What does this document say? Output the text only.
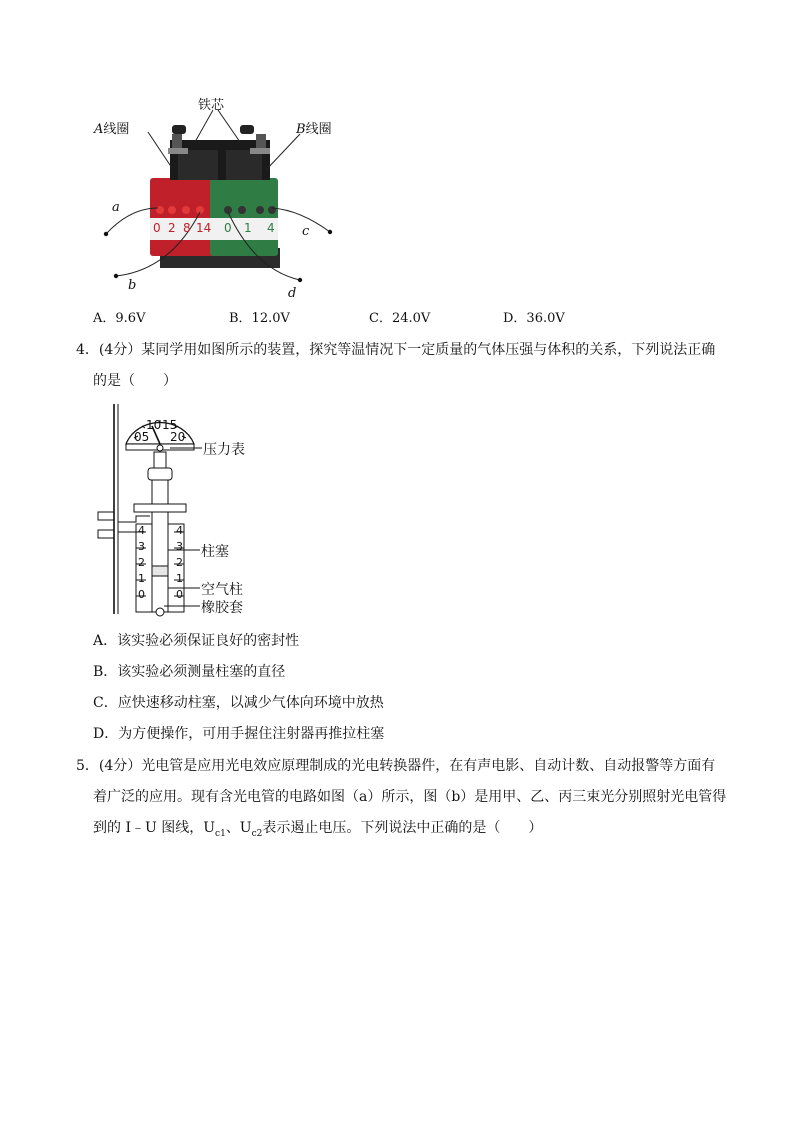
铁芯
A线圈	B线圈
a
b
c
d
0 2 8 14 0 1 4
A．9.6V	B．12.0V	C．24.0V	D．36.0V
4．(4分）某同学用如图所示的装置，探究等温情况下一定质量的气体压强与体积的关系，下列说法正确
的是（　　）
05
10 15
20
4
3
2
1
0
4
3
2
1
0
压力表
柱塞
空气柱
橡胶套
A．该实验必须保证良好的密封性
B．该实验必须测量柱塞的直径
C．应快速移动柱塞，以减少气体向环境中放热
D．为方便操作，可用手握住注射器再推拉柱塞
5．(4分）光电管是应用光电效应原理制成的光电转换器件，在有声电影、自动计数、自动报警等方面有
着广泛的应用。现有含光电管的电路如图（a）所示，图（b）是用甲、乙、丙三束光分别照射光电管得
到的 I﹣U 图线，$U_{c1}$、$U_{c2}$表示遏止电压。下列说法中正确的是（　　）
